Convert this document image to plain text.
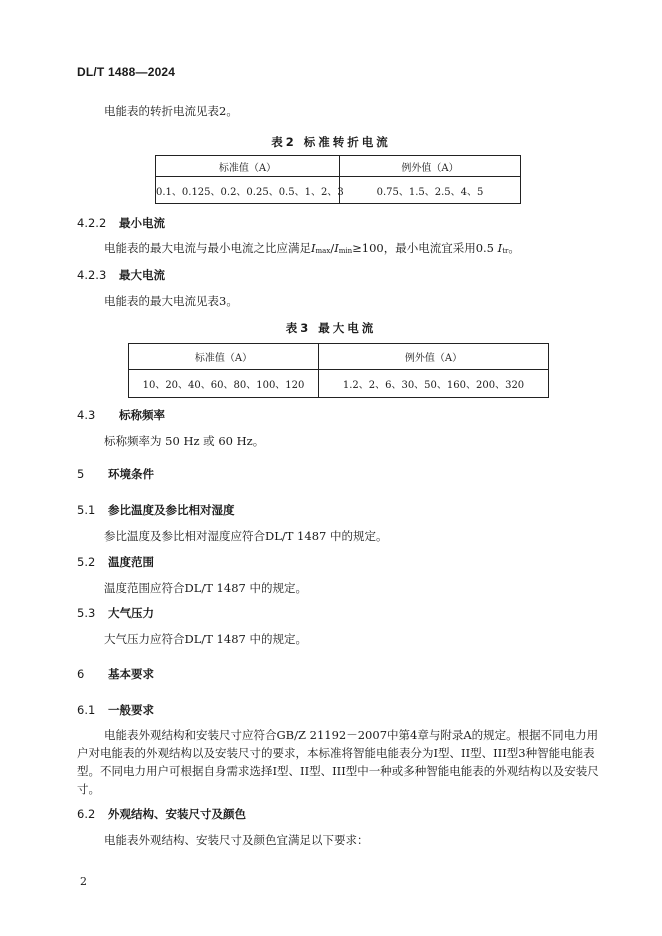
DL/T 1488—2024
电能表的转折电流见表2。
表2 标准转折电流
标准值（A）	例外值（A）
0.1、0.125、0.2、0.25、0.5、1、2、3	0.75、1.5、2.5、4、5
4.2.2 最小电流
电能表的最大电流与最小电流之比应满足$I_{max}/I_{min}\ge 100$，最小电流宜采用0.5 $I_{tr}$。
4.2.3 最大电流
电能表的最大电流见表3。
表3 最大电流
标准值（A）	例外值（A）
10、20、40、60、80、100、120	1.2、2、6、30、50、160、200、320
4.3 标称频率
标称频率为 50 Hz 或 60 Hz。
5 环境条件
5.1 参比温度及参比相对湿度
参比温度及参比相对湿度应符合DL/T 1487 中的规定。
5.2 温度范围
温度范围应符合DL/T 1487 中的规定。
5.3 大气压力
大气压力应符合DL/T 1487 中的规定。
6 基本要求
6.1 一般要求
电能表外观结构和安装尺寸应符合GB/Z 21192－2007中第4章与附录A的规定。根据不同电力用户对电能表的外观结构以及安装尺寸的要求，本标准将智能电能表分为I型、II型、III型3种智能电能表型。不同电力用户可根据自身需求选择I型、II型、III型中一种或多种智能电能表的外观结构以及安装尺寸。
6.2 外观结构、安装尺寸及颜色
电能表外观结构、安装尺寸及颜色宜满足以下要求：
2
